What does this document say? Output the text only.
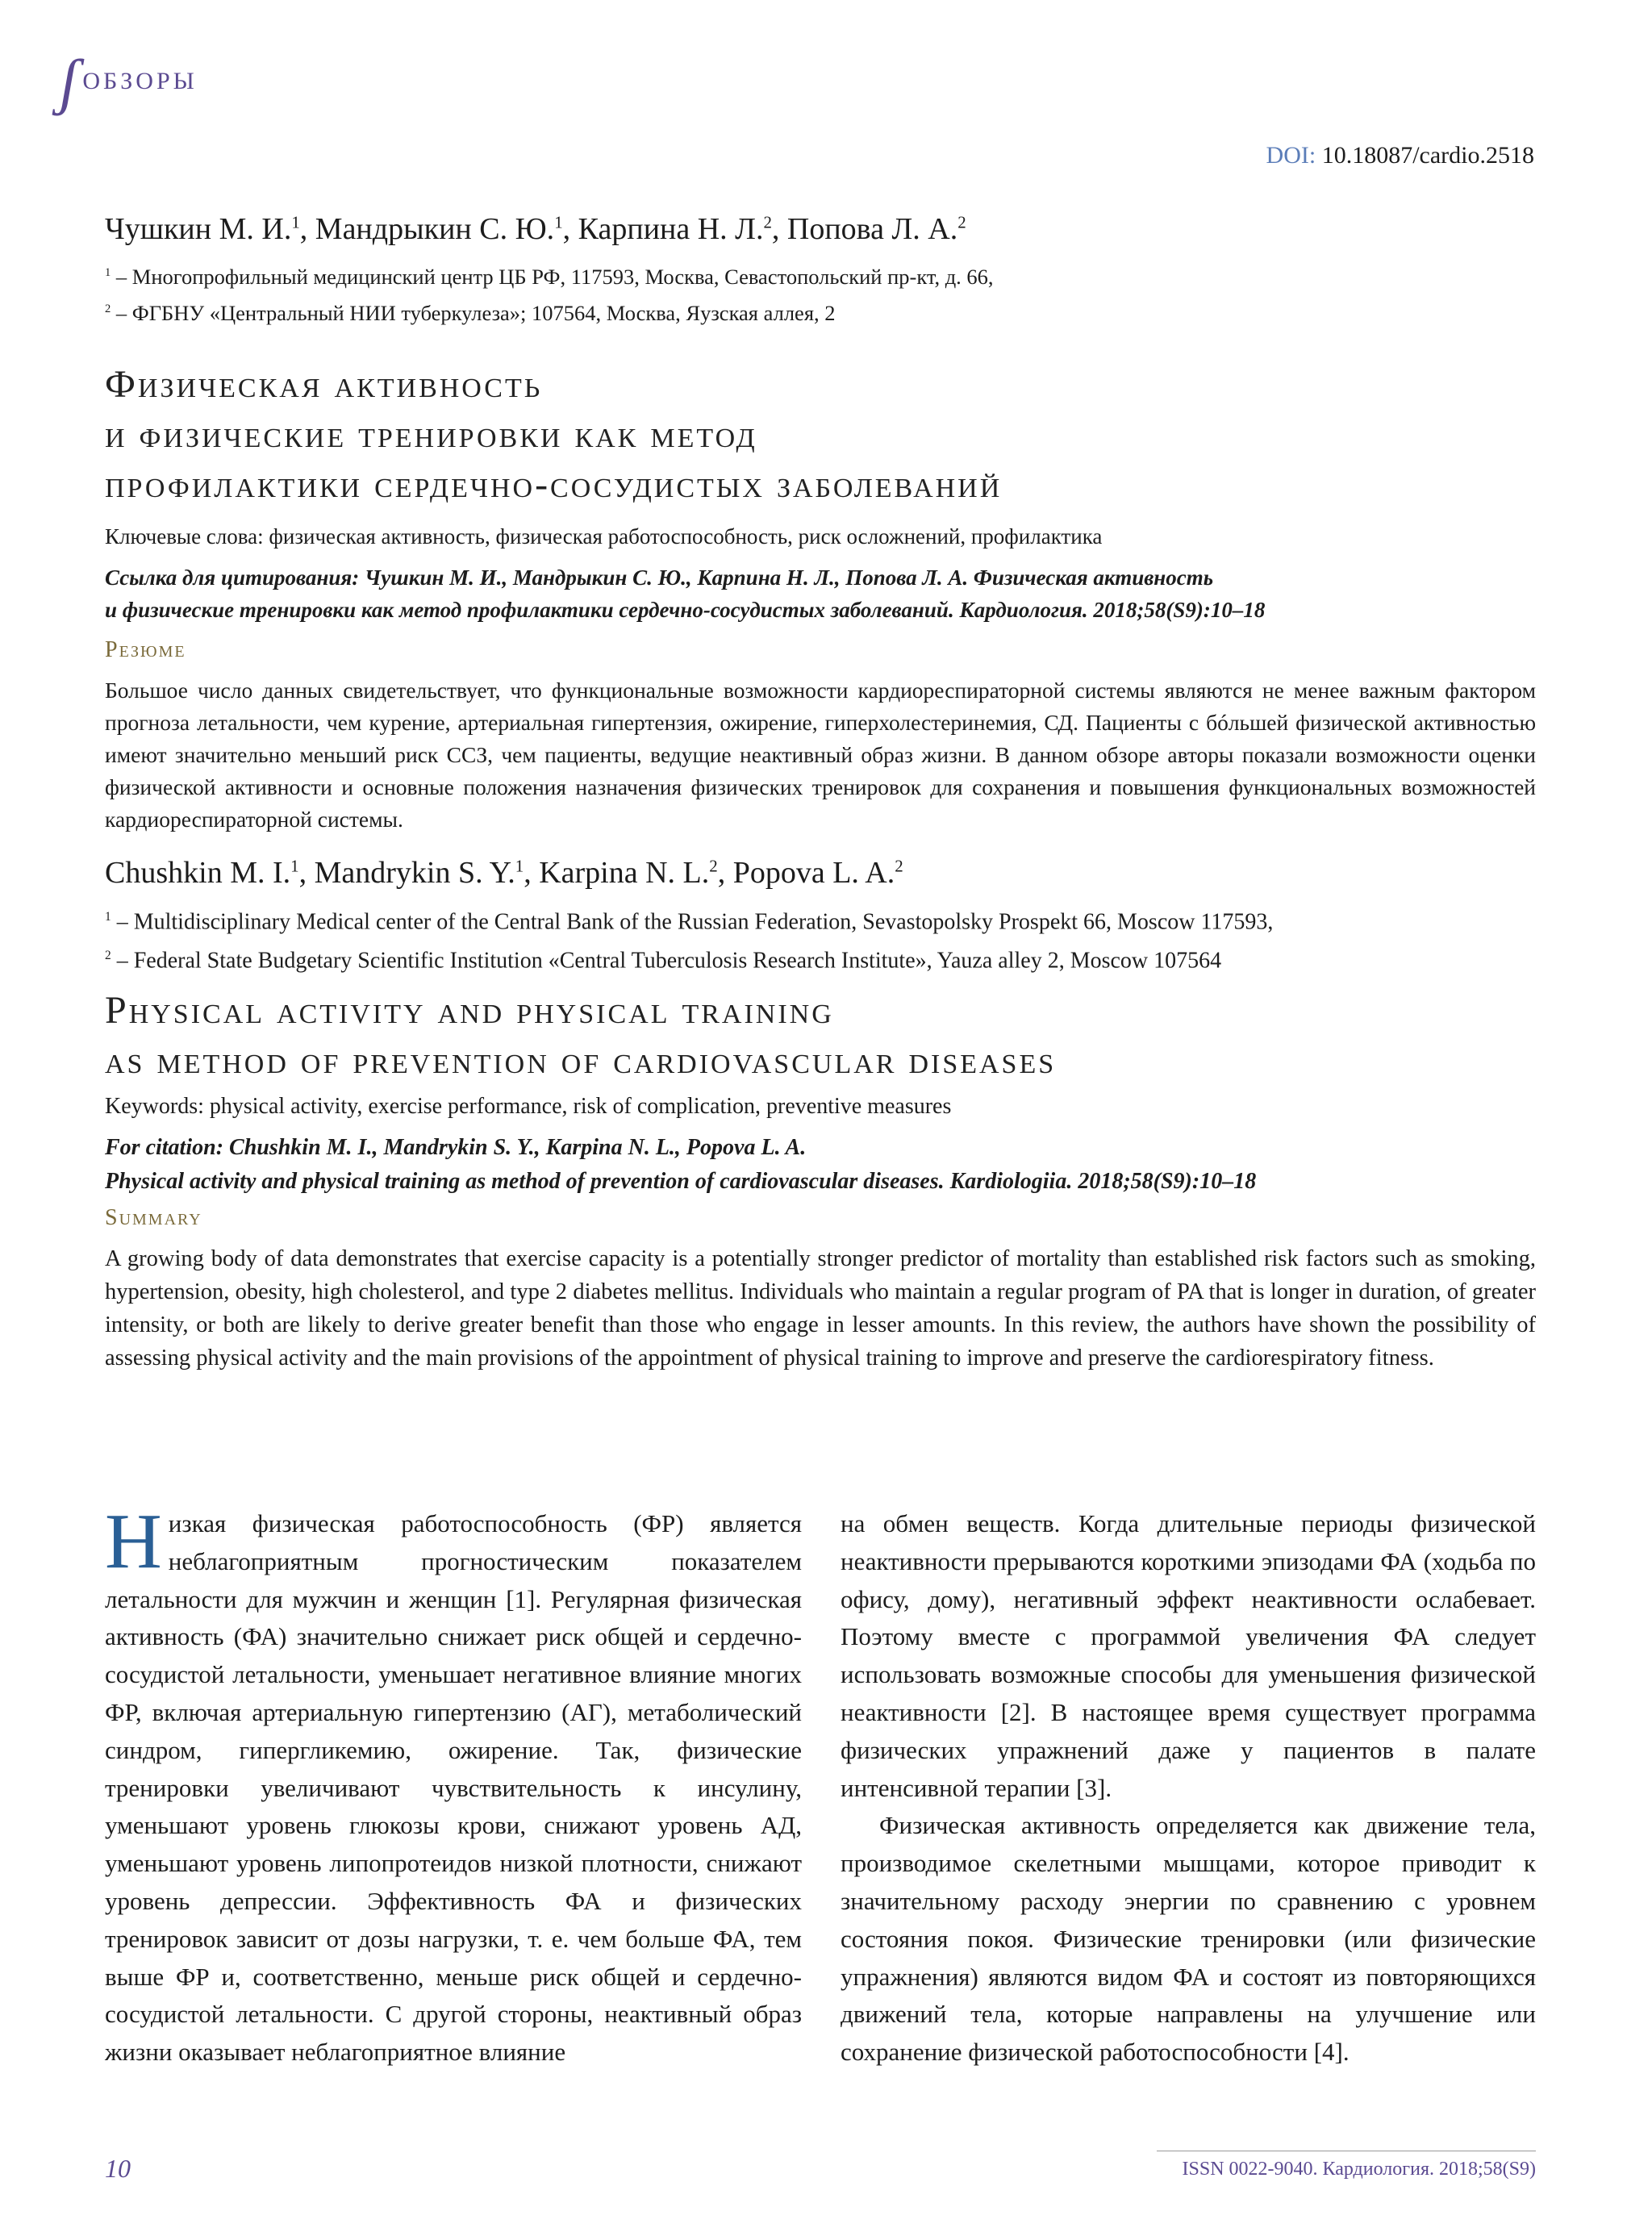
ʃ ОБЗОРЫ
DOI: 10.18087/cardio.2518
Чушкин М. И.$^1$, Мандрыкин С. Ю.$^1$, Карпина Н. Л.$^2$, Попова Л. А.$^2$
$^1$ – Многопрофильный медицинский центр ЦБ РФ, 117593, Москва, Севастопольский пр-кт, д. 66,
$^2$ – ФГБНУ «Центральный НИИ туберкулеза»; 107564, Москва, Яузская аллея, 2
Физическая активность
и физические тренировки как метод
профилактики сердечно-сосудистых заболеваний
Ключевые слова: физическая активность, физическая работоспособность, риск осложнений, профилактика
Ссылка для цитирования: Чушкин М. И., Мандрыкин С. Ю., Карпина Н. Л., Попова Л. А. Физическая активность
и физические тренировки как метод профилактики сердечно-сосудистых заболеваний. Кардиология. 2018;58(S9):10–18
Резюме
Большое число данных свидетельствует, что функциональные возможности кардиореспираторной системы являются не менее важным фактором прогноза летальности, чем курение, артериальная гипертензия, ожирение, гиперхолестеринемия, СД. Пациенты с бóльшей физической активностью имеют значительно меньший риск ССЗ, чем пациенты, ведущие неактивный образ жизни. В данном обзоре авторы показали возможности оценки физической активности и основные положения назначения физических тренировок для сохранения и повышения функциональных возможностей кардиореспираторной системы.
Chushkin M. I.$^1$, Mandrykin S. Y.$^1$, Karpina N. L.$^2$, Popova L. A.$^2$
$^1$ – Multidisciplinary Medical center of the Central Bank of the Russian Federation, Sevastopolsky Prospekt 66, Moscow 117593,
$^2$ – Federal State Budgetary Scientific Institution «Central Tuberculosis Research Institute», Yauza alley 2, Moscow 107564
Physical activity and physical training
as method of prevention of cardiovascular diseases
Keywords: physical activity, exercise performance, risk of complication, preventive measures
For citation: Chushkin M. I., Mandrykin S. Y., Karpina N. L., Popova L. A.
Physical activity and physical training as method of prevention of cardiovascular diseases. Kardiologiia. 2018;58(S9):10–18
Summary
A growing body of data demonstrates that exercise capacity is a potentially stronger predictor of mortality than established risk factors such as smoking, hypertension, obesity, high cholesterol, and type 2 diabetes mellitus. Individuals who maintain a regular program of PA that is longer in duration, of greater intensity, or both are likely to derive greater benefit than those who engage in lesser amounts. In this review, the authors have shown the possibility of assessing physical activity and the main provisions of the appointment of physical training to improve and preserve the cardiorespiratory fitness.

Низкая физическая работоспособность (ФР) является неблагоприятным прогностическим показателем летальности для мужчин и женщин [1]. Регулярная физическая активность (ФА) значительно снижает риск общей и сердечно-сосудистой летальности, уменьшает негативное влияние многих ФР, включая артериальную гипертензию (АГ), метаболический синдром, гипергликемию, ожирение. Так, физические тренировки увеличивают чувствительность к инсулину, уменьшают уровень глюкозы крови, снижают уровень АД, уменьшают уровень липопротеидов низкой плотности, снижают уровень депрессии. Эффективность ФА и физических тренировок зависит от дозы нагрузки, т. е. чем больше ФА, тем выше ФР и, соответственно, меньше риск общей и сердечно-сосудистой летальности. С другой стороны, неактивный образ жизни оказывает неблагоприятное влияние

на обмен веществ. Когда длительные периоды физической неактивности прерываются короткими эпизодами ФА (ходьба по офису, дому), негативный эффект неактивности ослабевает. Поэтому вместе с программой увеличения ФА следует использовать возможные способы для уменьшения физической неактивности [2]. В настоящее время существует программа физических упражнений даже у пациентов в палате интенсивной терапии [3].

Физическая активность определяется как движение тела, производимое скелетными мышцами, которое приводит к значительному расходу энергии по сравнению с уровнем состояния покоя. Физические тренировки (или физические упражнения) являются видом ФА и состоят из повторяющихся движений тела, которые направлены на улучшение или сохранение физической работоспособности [4].

10	ISSN 0022-9040. Кардиология. 2018;58(S9)
